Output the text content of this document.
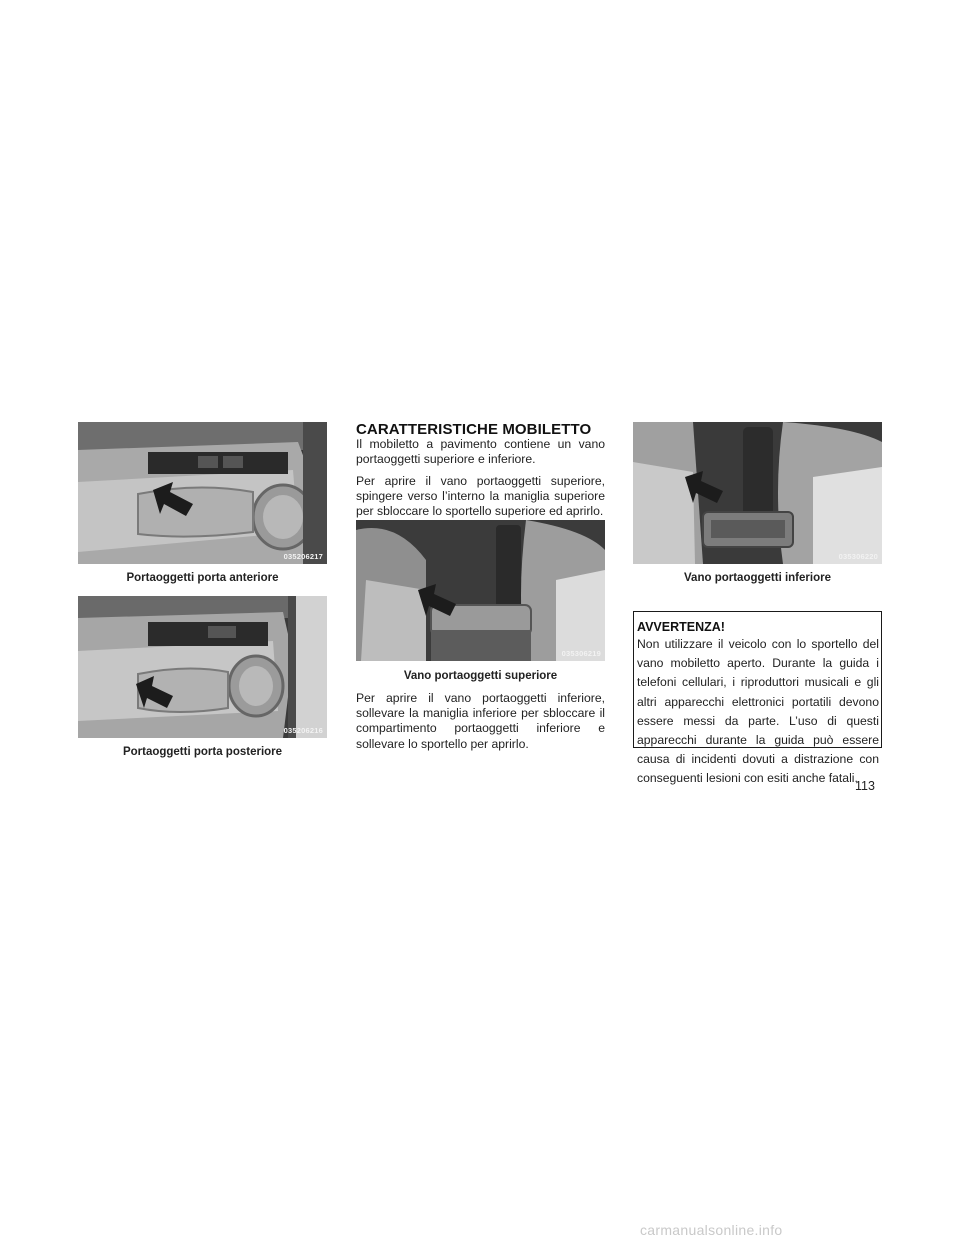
035206217
Portaoggetti porta anteriore
035206216
Portaoggetti porta posteriore
CARATTERISTICHE MOBILETTO

Il mobiletto a pavimento contiene un vano portaoggetti superiore e inferiore.

Per aprire il vano portaoggetti superiore, spingere verso l’interno la maniglia superiore per sbloccare lo sportello superiore ed aprirlo.

035306219
Vano portaoggetti superiore

Per aprire il vano portaoggetti inferiore, sollevare la maniglia inferiore per sbloccare il compartimento portaoggetti inferiore e sollevare lo sportello per aprirlo.

035306220
Vano portaoggetti inferiore
AVVERTENZA!

Non utilizzare il veicolo con lo sportello del vano mobiletto aperto. Durante la guida i telefoni cellulari, i riproduttori musicali e gli altri apparecchi elettronici portatili devono essere messi da parte. L’uso di questi apparecchi durante la guida può essere causa di incidenti dovuti a distrazione con conseguenti lesioni con esiti anche fatali.

113
carmanualsonline.info
